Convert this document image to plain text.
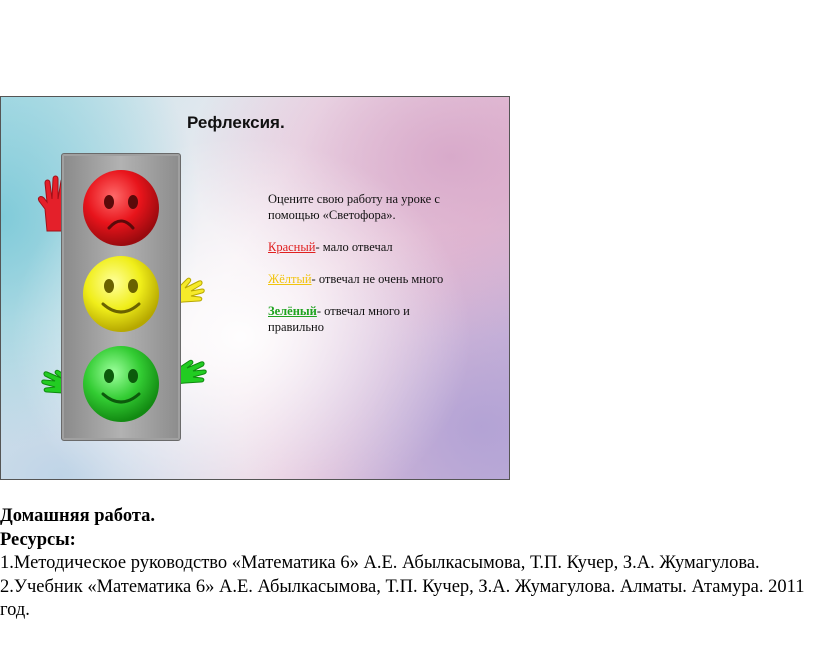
Рефлексия.

Оцените свою работу на уроке с помощью «Светофора».

Красный- мало отвечал

Жёлтый- отвечал не очень много

Зелёный- отвечал много и правильно

Домашняя работа.
Ресурсы:
1.Методическое руководство «Математика 6» А.Е. Абылкасымова, Т.П. Кучер, З.А. Жумагулова.
2.Учебник «Математика 6» А.Е. Абылкасымова, Т.П. Кучер, З.А. Жумагулова. Алматы. Атамура. 2011 год.
